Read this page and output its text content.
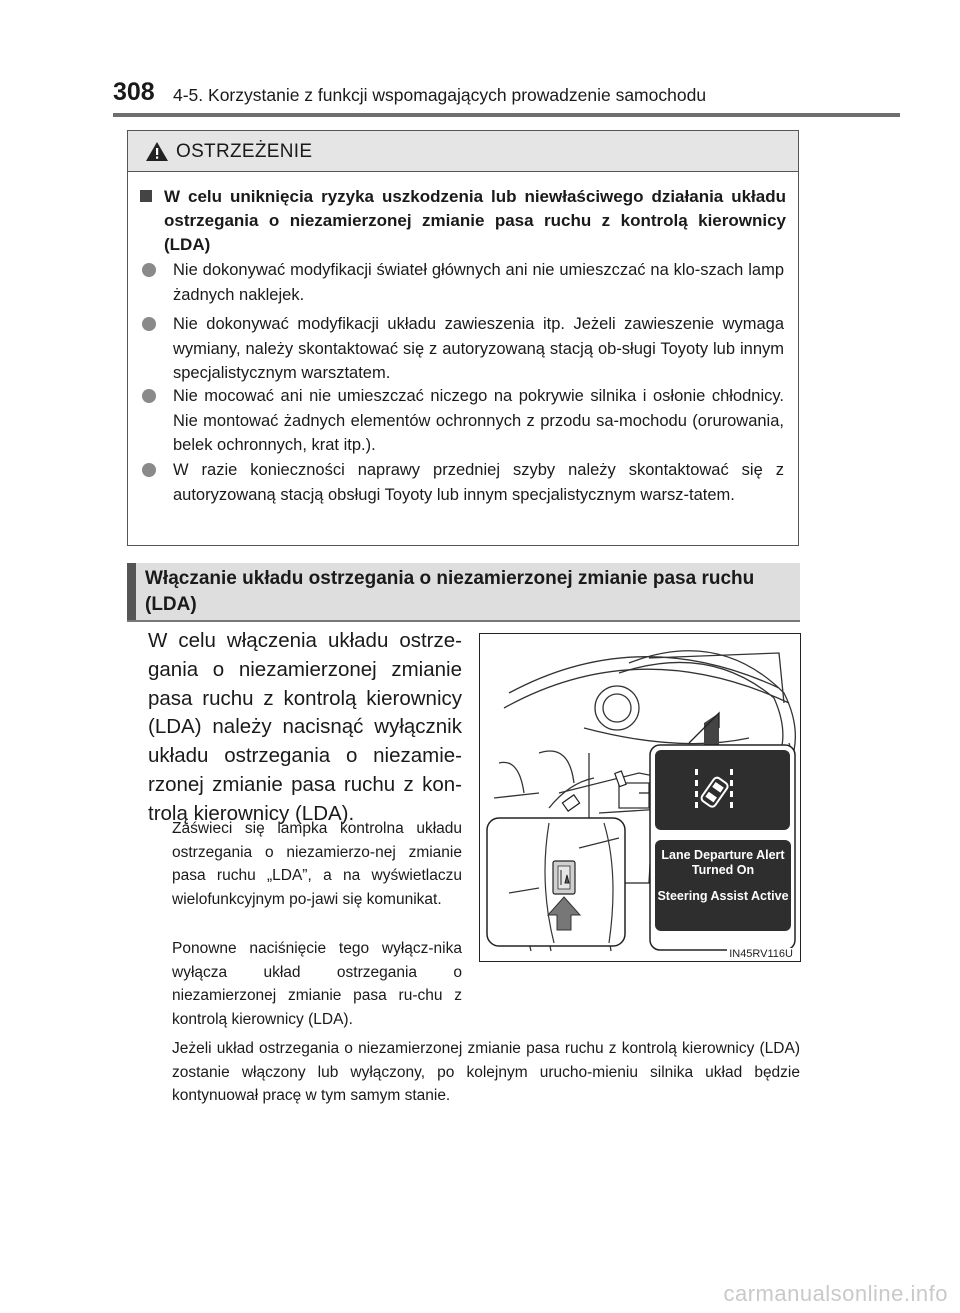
308 4-5. Korzystanie z funkcji wspomagających prowadzenie samochodu
OSTRZEŻENIE
W celu uniknięcia ryzyka uszkodzenia lub niewłaściwego działania układu ostrzegania o niezamierzonej zmianie pasa ruchu z kontrolą kierownicy (LDA)
Nie dokonywać modyfikacji świateł głównych ani nie umieszczać na klo-szach lamp żadnych naklejek.
Nie dokonywać modyfikacji układu zawieszenia itp. Jeżeli zawieszenie wymaga wymiany, należy skontaktować się z autoryzowaną stacją ob-sługi Toyoty lub innym specjalistycznym warsztatem.
Nie mocować ani nie umieszczać niczego na pokrywie silnika i osłonie chłodnicy. Nie montować żadnych elementów ochronnych z przodu sa-mochodu (orurowania, belek ochronnych, krat itp.).
W razie konieczności naprawy przedniej szyby należy skontaktować się z autoryzowaną stacją obsługi Toyoty lub innym specjalistycznym warsz-tatem.
Włączanie układu ostrzegania o niezamierzonej zmianie pasa ruchu (LDA)
W celu włączenia układu ostrze-gania o niezamierzonej zmianie pasa ruchu z kontrolą kierownicy (LDA) należy nacisnąć wyłącznik układu ostrzegania o niezamie-rzonej zmianie pasa ruchu z kon-trolą kierownicy (LDA).
Zaświeci się lampka kontrolna układu ostrzegania o niezamierzo-nej zmianie pasa ruchu „LDA”, a na wyświetlaczu wielofunkcyjnym po-jawi się komunikat.
Ponowne naciśnięcie tego wyłącz-nika wyłącza układ ostrzegania o niezamierzonej zmianie pasa ru-chu z kontrolą kierownicy (LDA).
Jeżeli układ ostrzegania o niezamierzonej zmianie pasa ruchu z kontrolą kierownicy (LDA) zostanie włączony lub wyłączony, po kolejnym urucho-mieniu silnika układ będzie kontynuował pracę w tym samym stanie.
IN45RV116U
Lane Departure Alert Turned On
Steering Assist Active
carmanualsonline.info
